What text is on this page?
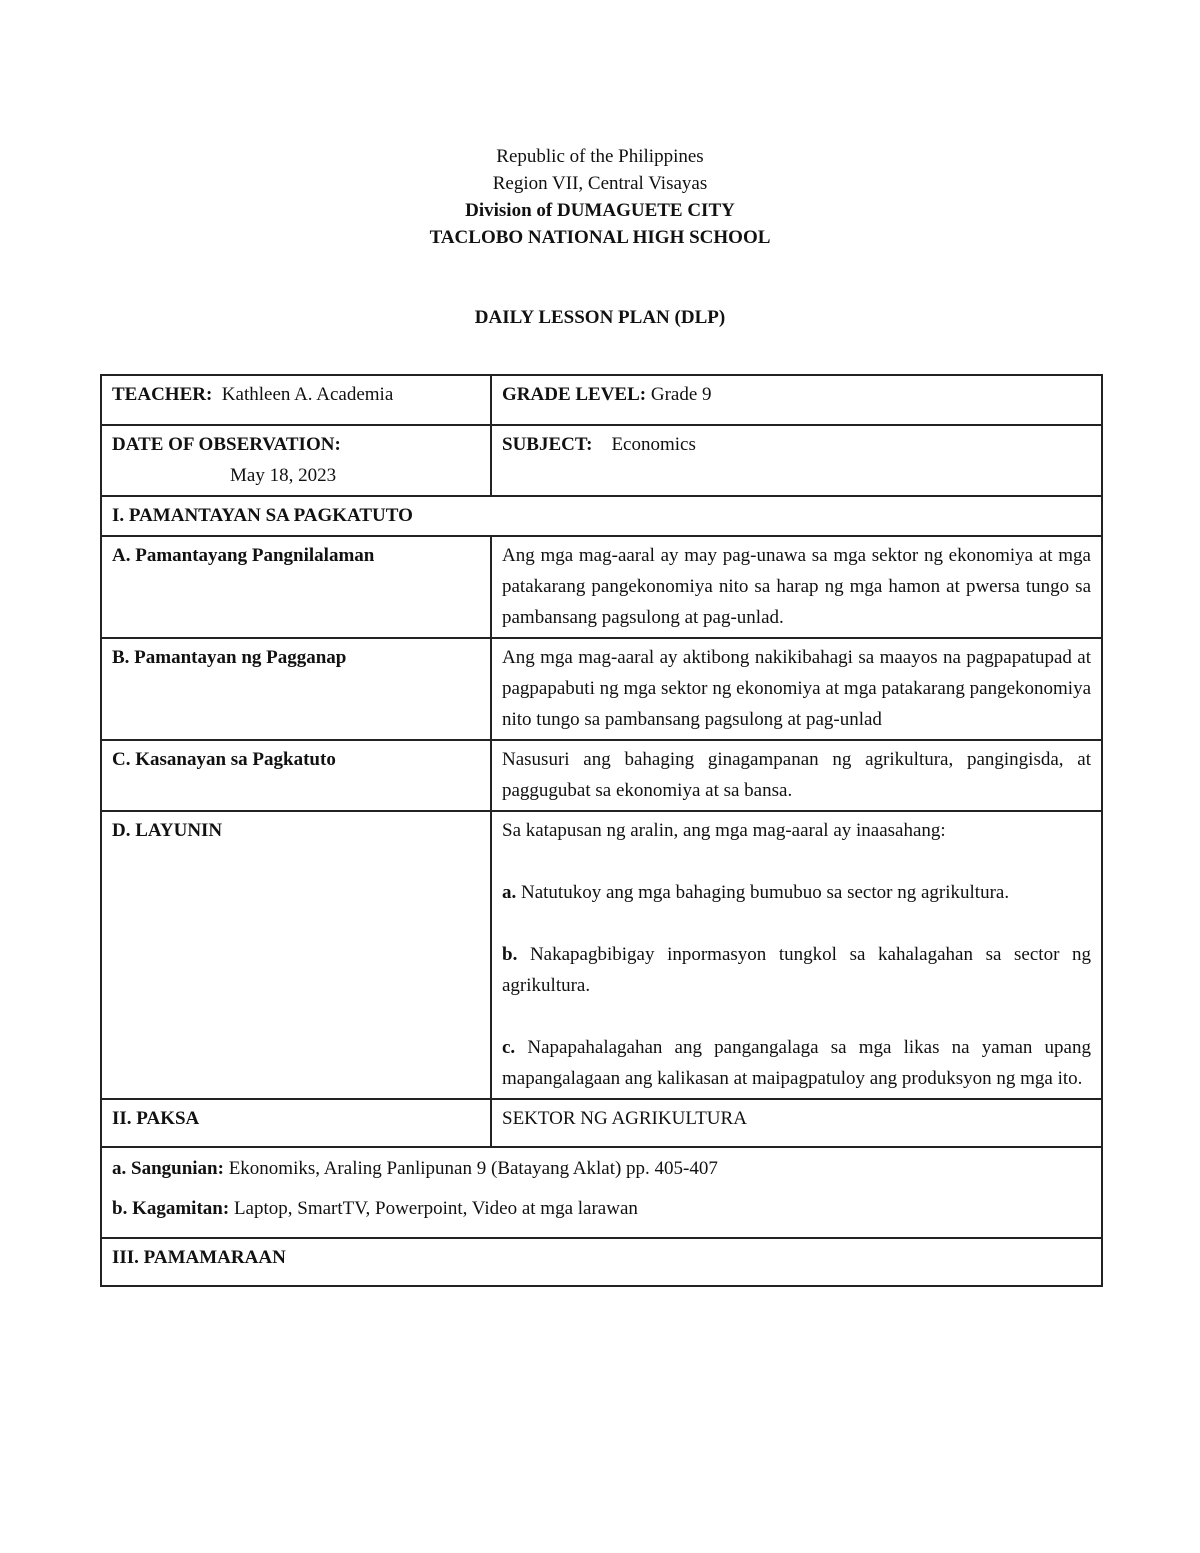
Republic of the Philippines
Region VII, Central Visayas
Division of DUMAGUETE CITY
TACLOBO NATIONAL HIGH SCHOOL
DAILY LESSON PLAN (DLP)
TEACHER: Kathleen A. Academia	GRADE LEVEL: Grade 9

DATE OF OBSERVATION:
May 18, 2023	SUBJECT: Economics
I. PAMANTAYAN SA PAGKATUTO	
A. Pamantayang Pangnilalaman	Ang mga mag-aaral ay may pag-unawa sa mga sektor ng ekonomiya at mga patakarang pangekonomiya nito sa harap ng mga hamon at pwersa tungo sa pambansang pagsulong at pag-unlad.
B. Pamantayan ng Pagganap	Ang mga mag-aaral ay aktibong nakikibahagi sa maayos na pagpapatupad at pagpapabuti ng mga sektor ng ekonomiya at mga patakarang pangekonomiya nito tungo sa pambansang pagsulong at pag-unlad
C. Kasanayan sa Pagkatuto	Nasusuri ang bahaging ginagampanan ng agrikultura, pangingisda, at paggugubat sa ekonomiya at sa bansa.
D. LAYUNIN	Sa katapusan ng aralin, ang mga mag-aaral ay inaasahang:
a. Natutukoy ang mga bahaging bumubuo sa sector ng agrikultura.
b. Nakapagbibigay inpormasyon tungkol sa kahalagahan sa sector ng agrikultura.
c. Napapahalagahan ang pangangalaga sa mga likas na yaman upang mapangalagaan ang kalikasan at maipagpatuloy ang produksyon ng mga ito.

II. PAKSA	SEKTOR NG AGRIKULTURA

a. Sangunian: Ekonomiks, Araling Panlipunan 9 (Batayang Aklat) pp. 405-407
b. Kagamitan: Laptop, SmartTV, Powerpoint, Video at mga larawan	

III. PAMAMARAAN	
